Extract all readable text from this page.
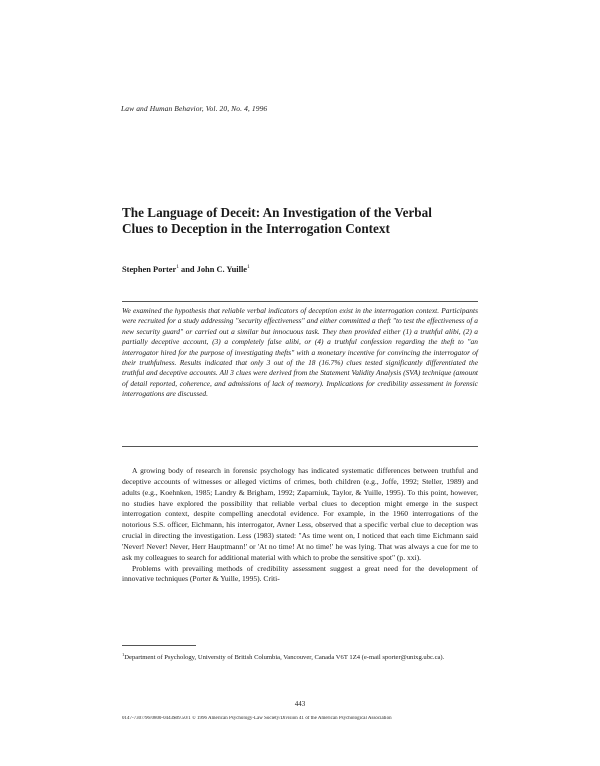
Law and Human Behavior, Vol. 20, No. 4, 1996
The Language of Deceit: An Investigation of the Verbal Clues to Deception in the Interrogation Context
Stephen Porter$^1$ and John C. Yuille$^1$

We examined the hypothesis that reliable verbal indicators of deception exist in the interrogation context. Participants were recruited for a study addressing "security effectiveness" and either committed a theft "to test the effectiveness of a new security guard" or carried out a similar but innocuous task. They then provided either (1) a truthful alibi, (2) a partially deceptive account, (3) a completely false alibi, or (4) a truthful confession regarding the theft to "an interrogator hired for the purpose of investigating thefts" with a monetary incentive for convincing the interrogator of their truthfulness. Results indicated that only 3 out of the 18 (16.7%) clues tested significantly differentiated the truthful and deceptive accounts. All 3 clues were derived from the Statement Validity Analysis (SVA) technique (amount of detail reported, coherence, and admissions of lack of memory). Implications for credibility assessment in forensic interrogations are discussed.

A growing body of research in forensic psychology has indicated systematic differences between truthful and deceptive accounts of witnesses or alleged victims of crimes, both children (e.g., Joffe, 1992; Steller, 1989) and adults (e.g., Koehnken, 1985; Landry & Brigham, 1992; Zaparniuk, Taylor, & Yuille, 1995). To this point, however, no studies have explored the possibility that reliable verbal clues to deception might emerge in the suspect interrogation context, despite compelling anecdotal evidence. For example, in the 1960 interrogations of the notorious S.S. officer, Eichmann, his interrogator, Avner Less, observed that a specific verbal clue to deception was crucial in directing the investigation. Less (1983) stated: "As time went on, I noticed that each time Eichmann said 'Never! Never! Never, Herr Hauptmann!' or 'At no time! At no time!' he was lying. That was always a cue for me to ask my colleagues to search for additional material with which to probe the sensitive spot" (p. xxi).

Problems with prevailing methods of credibility assessment suggest a great need for the development of innovative techniques (Porter & Yuille, 1995). Criti-

$^1$Department of Psychology, University of British Columbia, Vancouver, Canada V6T 1Z4 (e-mail sporter@unixg.ubc.ca).
443
0147-7307/96/0800-0443$09.50/1 © 1996 American Psychology-Law Society/Division 41 of the American Psychological Association
